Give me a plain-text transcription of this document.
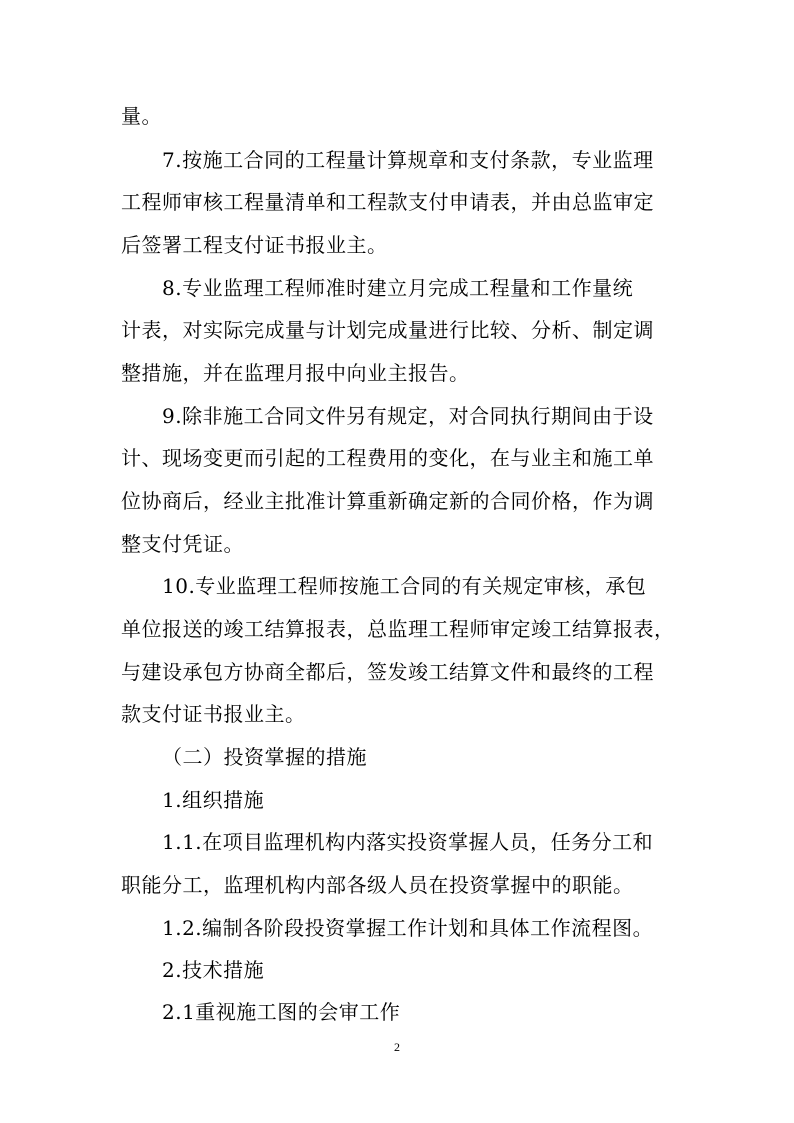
量。
7.按施工合同的工程量计算规章和支付条款，专业监理
工程师审核工程量清单和工程款支付申请表，并由总监审定
后签署工程支付证书报业主。
8.专业监理工程师准时建立月完成工程量和工作量统
计表，对实际完成量与计划完成量进行比较、分析、制定调
整措施，并在监理月报中向业主报告。
9.除非施工合同文件另有规定，对合同执行期间由于设
计、现场变更而引起的工程费用的变化，在与业主和施工单
位协商后，经业主批准计算重新确定新的合同价格，作为调
整支付凭证。
10.专业监理工程师按施工合同的有关规定审核，承包
单位报送的竣工结算报表，总监理工程师审定竣工结算报表，
与建设承包方协商全都后，签发竣工结算文件和最终的工程
款支付证书报业主。
（二）投资掌握的措施
1.组织措施
1.1.在项目监理机构内落实投资掌握人员，任务分工和
职能分工，监理机构内部各级人员在投资掌握中的职能。
1.2.编制各阶段投资掌握工作计划和具体工作流程图。
2.技术措施
2.1重视施工图的会审工作
2
